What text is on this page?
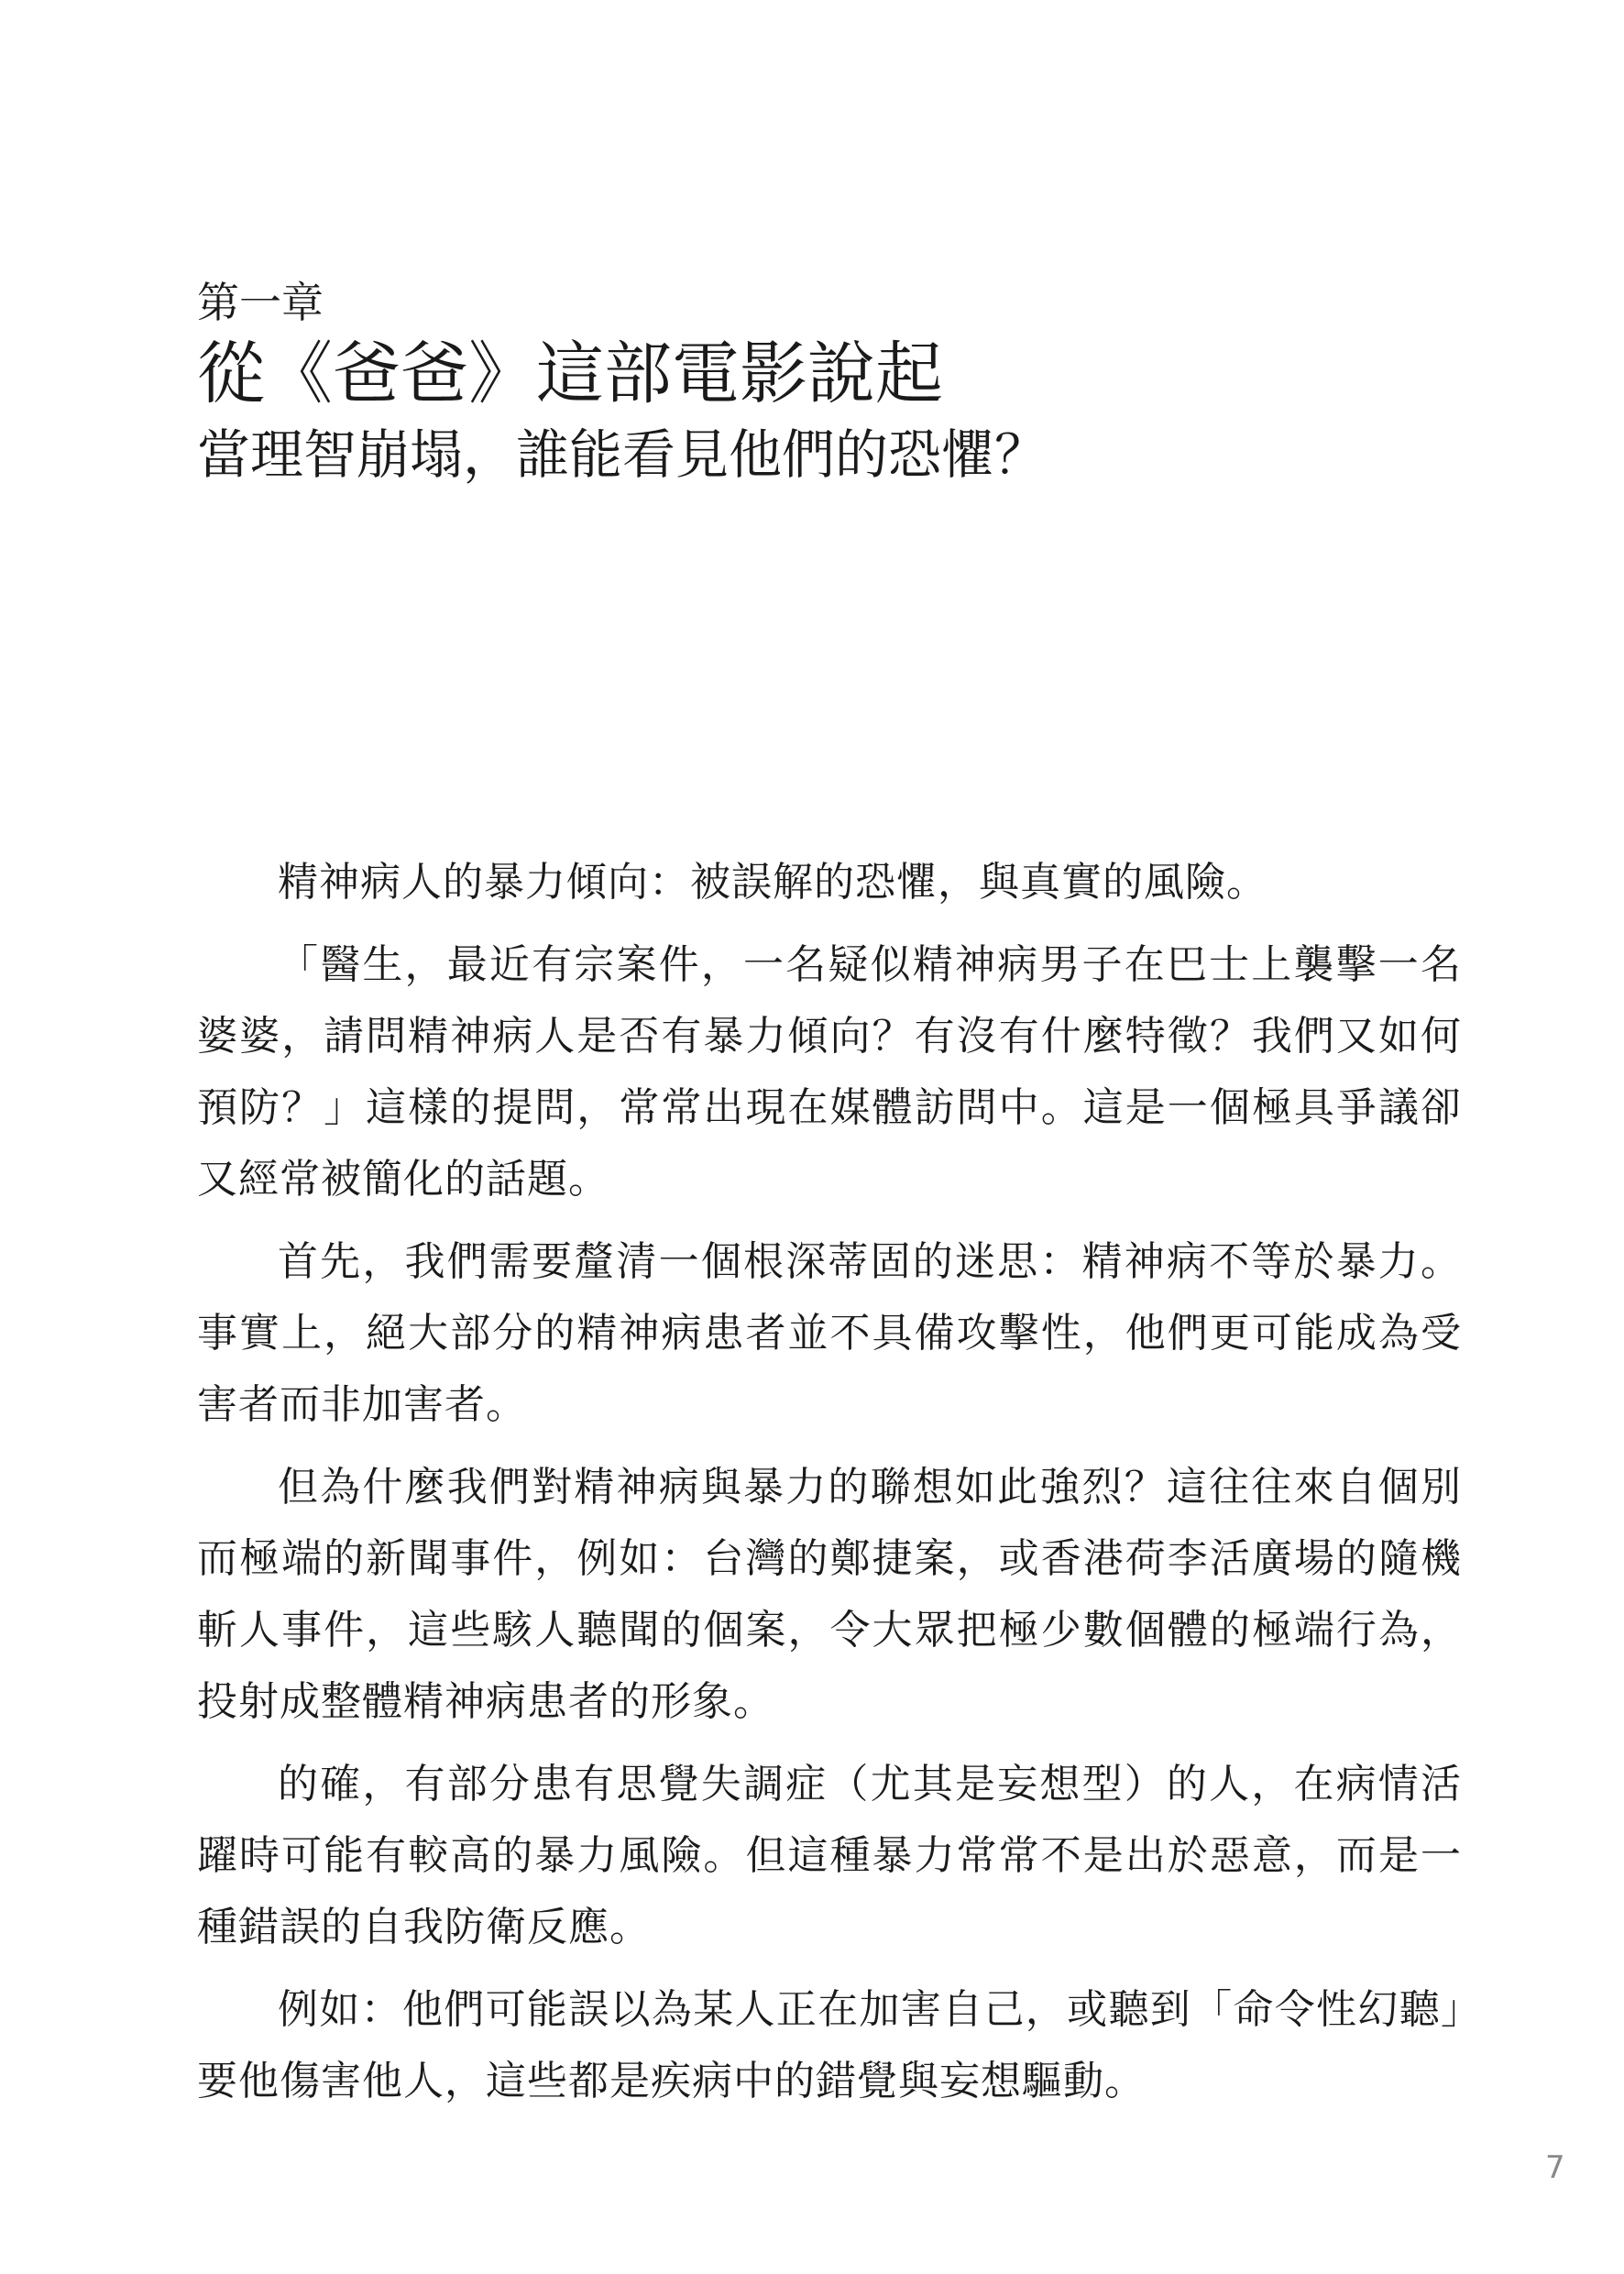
第一章

從《爸爸》這部電影說起
當理智崩塌，誰能看見他們的恐懼？

精神病人的暴力傾向：被誤解的恐懼，與真實的風險。

「醫生，最近有宗案件，一名疑似精神病男子在巴士上襲擊一名婆婆，請問精神病人是否有暴力傾向？有沒有什麼特徵？我們又如何預防？」這樣的提問，常常出現在媒體訪問中。這是一個極具爭議卻又經常被簡化的話題。

首先，我們需要釐清一個根深蒂固的迷思：精神病不等於暴力。事實上，絕大部分的精神病患者並不具備攻擊性，他們更可能成為受害者而非加害者。

但為什麼我們對精神病與暴力的聯想如此強烈？這往往來自個別而極端的新聞事件，例如：台灣的鄭捷案，或香港荷李活廣場的隨機斬人事件，這些駭人聽聞的個案，令大眾把極少數個體的極端行為，投射成整體精神病患者的形象。

的確，有部分患有思覺失調症（尤其是妄想型）的人，在病情活躍時可能有較高的暴力風險。但這種暴力常常不是出於惡意，而是一種錯誤的自我防衛反應。

例如：他們可能誤以為某人正在加害自己，或聽到「命令性幻聽」要他傷害他人，這些都是疾病中的錯覺與妄想驅動。

7
